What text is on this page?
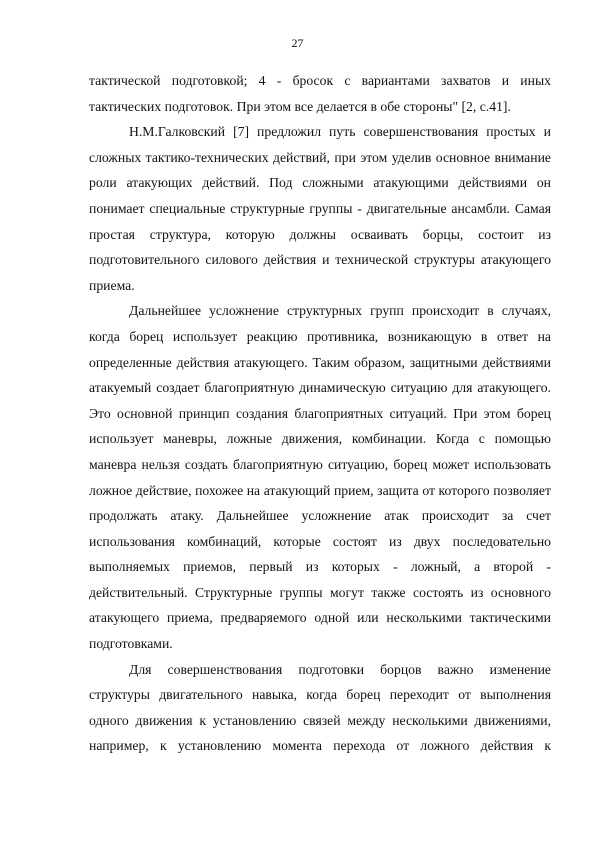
27

тактической подготовкой; 4 - бросок с вариантами захватов и иных тактических подготовок. При этом все делается в обе стороны" [2, с.41].

Н.М.Галковский [7] предложил путь совершенствования простых и сложных тактико-технических действий, при этом уделив основное внимание роли атакующих действий. Под сложными атакующими действиями он понимает специальные структурные группы - двигательные ансамбли. Самая простая структура, которую должны осваивать борцы, состоит из подготовительного силового действия и технической структуры атакующего приема.

Дальнейшее усложнение структурных групп происходит в случаях, когда борец использует реакцию противника, возникающую в ответ на определенные действия атакующего. Таким образом, защитными действиями атакуемый создает благоприятную динамическую ситуацию для атакующего. Это основной принцип создания благоприятных ситуаций. При этом борец использует маневры, ложные движения, комбинации. Когда с помощью маневра нельзя создать благоприятную ситуацию, борец может использовать ложное действие, похожее на атакующий прием, защита от которого позволяет продолжать атаку. Дальнейшее усложнение атак происходит за счет использования комбинаций, которые состоят из двух последовательно выполняемых приемов, первый из которых - ложный, а второй - действительный. Структурные группы могут также состоять из основного атакующего приема, предваряемого одной или несколькими тактическими подготовками.

Для совершенствования подготовки борцов важно изменение структуры двигательного навыка, когда борец переходит от выполнения одного движения к установлению связей между несколькими движениями, например, к установлению момента перехода от ложного действия к
